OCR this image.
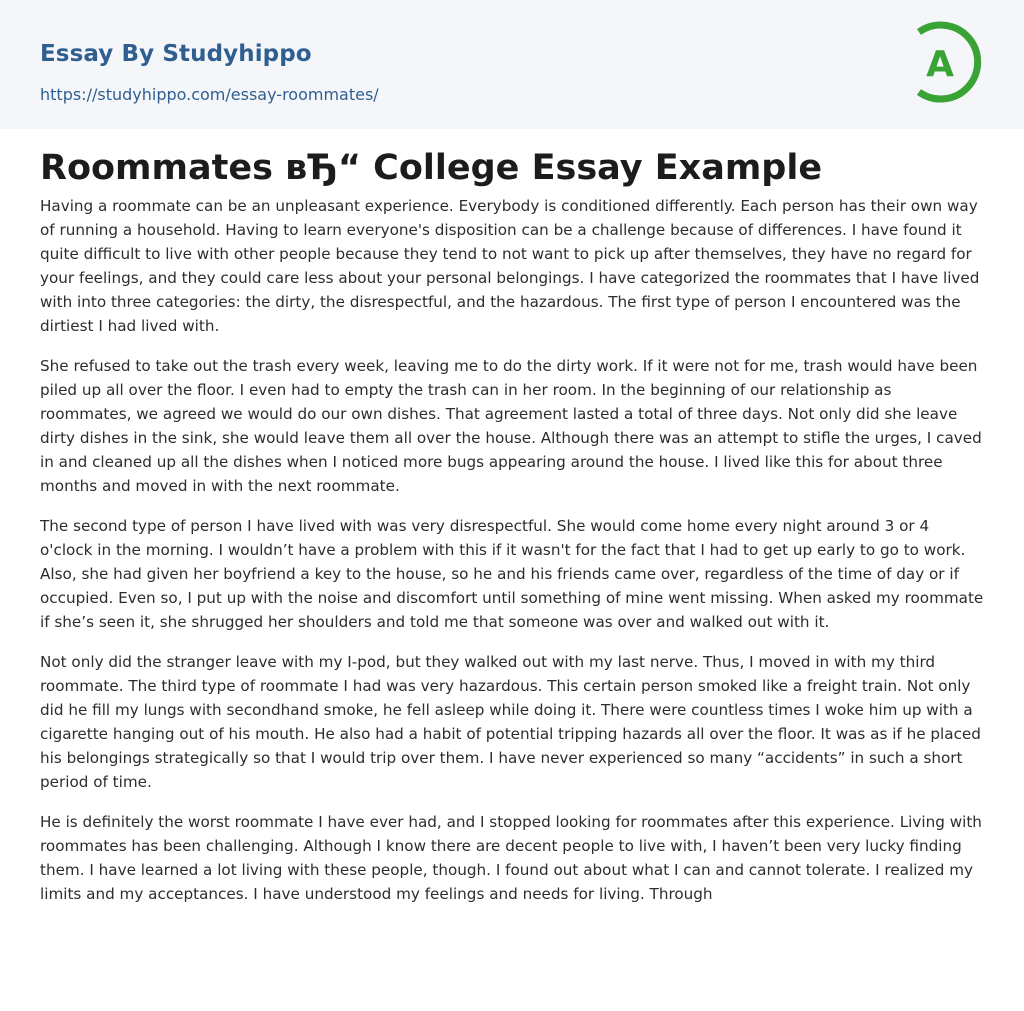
Essay By Studyhippo
https://studyhippo.com/essay-roommates/
A
Roommates вЂ“ College Essay Example

Having a roommate can be an unpleasant experience. Everybody is conditioned differently. Each person has their own way of running a household. Having to learn everyone's disposition can be a challenge because of differences. I have found it quite difficult to live with other people because they tend to not want to pick up after themselves, they have no regard for your feelings, and they could care less about your personal belongings. I have categorized the roommates that I have lived with into three categories: the dirty, the disrespectful, and the hazardous. The first type of person I encountered was the dirtiest I had lived with.

She refused to take out the trash every week, leaving me to do the dirty work. If it were not for me, trash would have been piled up all over the floor. I even had to empty the trash can in her room. In the beginning of our relationship as roommates, we agreed we would do our own dishes. That agreement lasted a total of three days. Not only did she leave dirty dishes in the sink, she would leave them all over the house. Although there was an attempt to stifle the urges, I caved in and cleaned up all the dishes when I noticed more bugs appearing around the house. I lived like this for about three months and moved in with the next roommate.

The second type of person I have lived with was very disrespectful. She would come home every night around 3 or 4 o'clock in the morning. I wouldn’t have a problem with this if it wasn't for the fact that I had to get up early to go to work. Also, she had given her boyfriend a key to the house, so he and his friends came over, regardless of the time of day or if occupied. Even so, I put up with the noise and discomfort until something of mine went missing. When asked my roommate if she’s seen it, she shrugged her shoulders and told me that someone was over and walked out with it.

Not only did the stranger leave with my I-pod, but they walked out with my last nerve. Thus, I moved in with my third roommate. The third type of roommate I had was very hazardous. This certain person smoked like a freight train. Not only did he fill my lungs with secondhand smoke, he fell asleep while doing it. There were countless times I woke him up with a cigarette hanging out of his mouth. He also had a habit of potential tripping hazards all over the floor. It was as if he placed his belongings strategically so that I would trip over them. I have never experienced so many “accidents” in such a short period of time.

He is definitely the worst roommate I have ever had, and I stopped looking for roommates after this experience. Living with roommates has been challenging. Although I know there are decent people to live with, I haven’t been very lucky finding them. I have learned a lot living with these people, though. I found out about what I can and cannot tolerate. I realized my limits and my acceptances. I have understood my feelings and needs for living. Through
